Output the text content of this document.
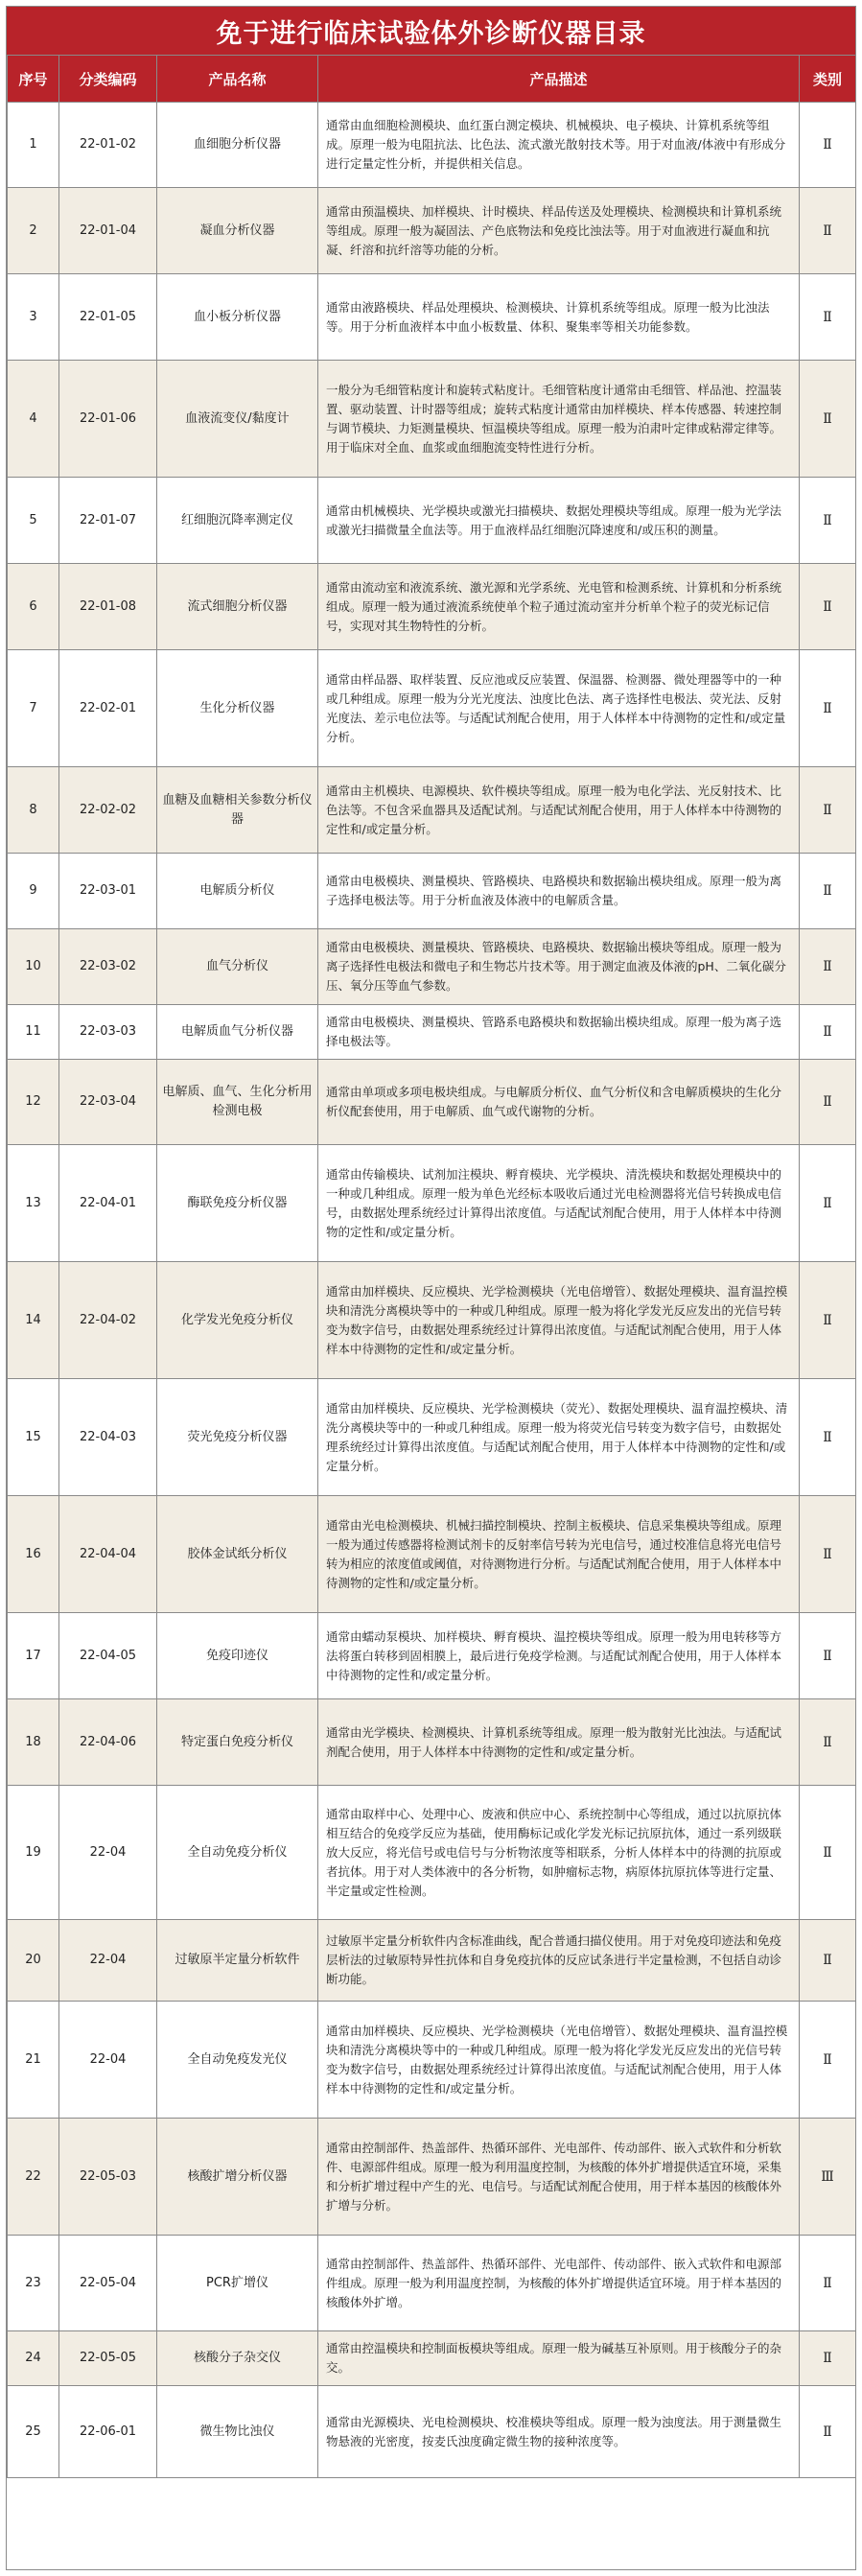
免于进行临床试验体外诊断仪器目录
序号	分类编码	产品名称	产品描述	类别
1	22-01-02	血细胞分析仪器	通常由血细胞检测模块、血红蛋白测定模块、机械模块、电子模块、计算机系统等组成。原理一般为电阻抗法、比色法、流式激光散射技术等。用于对血液/体液中有形成分进行定量定性分析，并提供相关信息。	Ⅱ
2	22-01-04	凝血分析仪器	通常由预温模块、加样模块、计时模块、样品传送及处理模块、检测模块和计算机系统等组成。原理一般为凝固法、产色底物法和免疫比浊法等。用于对血液进行凝血和抗凝、纤溶和抗纤溶等功能的分析。	Ⅱ
3	22-01-05	血小板分析仪器	通常由液路模块、样品处理模块、检测模块、计算机系统等组成。原理一般为比浊法等。用于分析血液样本中血小板数量、体积、聚集率等相关功能参数。	Ⅱ
4	22-01-06	血液流变仪/黏度计	一般分为毛细管粘度计和旋转式粘度计。毛细管粘度计通常由毛细管、样品池、控温装置、驱动装置、计时器等组成；旋转式粘度计通常由加样模块、样本传感器、转速控制与调节模块、力矩测量模块、恒温模块等组成。原理一般为泊肃叶定律或粘滞定律等。用于临床对全血、血浆或血细胞流变特性进行分析。	Ⅱ
5	22-01-07	红细胞沉降率测定仪	通常由机械模块、光学模块或激光扫描模块、数据处理模块等组成。原理一般为光学法或激光扫描微量全血法等。用于血液样品红细胞沉降速度和/或压积的测量。	Ⅱ
6	22-01-08	流式细胞分析仪器	通常由流动室和液流系统、激光源和光学系统、光电管和检测系统、计算机和分析系统组成。原理一般为通过液流系统使单个粒子通过流动室并分析单个粒子的荧光标记信号，实现对其生物特性的分析。	Ⅱ
7	22-02-01	生化分析仪器	通常由样品器、取样装置、反应池或反应装置、保温器、检测器、微处理器等中的一种或几种组成。原理一般为分光光度法、浊度比色法、离子选择性电极法、荧光法、反射光度法、差示电位法等。与适配试剂配合使用，用于人体样本中待测物的定性和/或定量分析。	Ⅱ
8	22-02-02	血糖及血糖相关参数分析仪器	通常由主机模块、电源模块、软件模块等组成。原理一般为电化学法、光反射技术、比色法等。不包含采血器具及适配试剂。与适配试剂配合使用，用于人体样本中待测物的定性和/或定量分析。	Ⅱ
9	22-03-01	电解质分析仪	通常由电极模块、测量模块、管路模块、电路模块和数据输出模块组成。原理一般为离子选择电极法等。用于分析血液及体液中的电解质含量。	Ⅱ
10	22-03-02	血气分析仪	通常由电极模块、测量模块、管路模块、电路模块、数据输出模块等组成。原理一般为离子选择性电极法和微电子和生物芯片技术等。用于测定血液及体液的pH、二氧化碳分压、氧分压等血气参数。	Ⅱ
11	22-03-03	电解质血气分析仪器	通常由电极模块、测量模块、管路系电路模块和数据输出模块组成。原理一般为离子选择电极法等。	Ⅱ
12	22-03-04	电解质、血气、生化分析用检测电极	通常由单项或多项电极块组成。与电解质分析仪、血气分析仪和含电解质模块的生化分析仪配套使用，用于电解质、血气或代谢物的分析。	Ⅱ
13	22-04-01	酶联免疫分析仪器	通常由传输模块、试剂加注模块、孵育模块、光学模块、清洗模块和数据处理模块中的一种或几种组成。原理一般为单色光经标本吸收后通过光电检测器将光信号转换成电信号，由数据处理系统经过计算得出浓度值。与适配试剂配合使用，用于人体样本中待测物的定性和/或定量分析。	Ⅱ
14	22-04-02	化学发光免疫分析仪	通常由加样模块、反应模块、光学检测模块（光电倍增管）、数据处理模块、温育温控模块和清洗分离模块等中的一种或几种组成。原理一般为将化学发光反应发出的光信号转变为数字信号，由数据处理系统经过计算得出浓度值。与适配试剂配合使用，用于人体样本中待测物的定性和/或定量分析。	Ⅱ
15	22-04-03	荧光免疫分析仪器	通常由加样模块、反应模块、光学检测模块（荧光）、数据处理模块、温育温控模块、清洗分离模块等中的一种或几种组成。原理一般为将荧光信号转变为数字信号，由数据处理系统经过计算得出浓度值。与适配试剂配合使用，用于人体样本中待测物的定性和/或定量分析。	Ⅱ
16	22-04-04	胶体金试纸分析仪	通常由光电检测模块、机械扫描控制模块、控制主板模块、信息采集模块等组成。原理一般为通过传感器将检测试剂卡的反射率信号转为光电信号，通过校准信息将光电信号转为相应的浓度值或阈值，对待测物进行分析。与适配试剂配合使用，用于人体样本中待测物的定性和/或定量分析。	Ⅱ
17	22-04-05	免疫印迹仪	通常由蠕动泵模块、加样模块、孵育模块、温控模块等组成。原理一般为用电转移等方法将蛋白转移到固相膜上，最后进行免疫学检测。与适配试剂配合使用，用于人体样本中待测物的定性和/或定量分析。	Ⅱ
18	22-04-06	特定蛋白免疫分析仪	通常由光学模块、检测模块、计算机系统等组成。原理一般为散射光比浊法。与适配试剂配合使用，用于人体样本中待测物的定性和/或定量分析。	Ⅱ
19	22-04	全自动免疫分析仪	通常由取样中心、处理中心、废液和供应中心、系统控制中心等组成，通过以抗原抗体相互结合的免疫学反应为基础，使用酶标记或化学发光标记抗原抗体，通过一系列级联放大反应，将光信号或电信号与分析物浓度等相联系，分析人体样本中的待测的抗原或者抗体。用于对人类体液中的各分析物，如肿瘤标志物，病原体抗原抗体等进行定量、半定量或定性检测。	Ⅱ
20	22-04	过敏原半定量分析软件	过敏原半定量分析软件内含标准曲线，配合普通扫描仪使用。用于对免疫印迹法和免疫层析法的过敏原特异性抗体和自身免疫抗体的反应试条进行半定量检测，不包括自动诊断功能。	Ⅱ
21	22-04	全自动免疫发光仪	通常由加样模块、反应模块、光学检测模块（光电倍增管）、数据处理模块、温育温控模块和清洗分离模块等中的一种或几种组成。原理一般为将化学发光反应发出的光信号转变为数字信号，由数据处理系统经过计算得出浓度值。与适配试剂配合使用，用于人体样本中待测物的定性和/或定量分析。	Ⅱ
22	22-05-03	核酸扩增分析仪器	通常由控制部件、热盖部件、热循环部件、光电部件、传动部件、嵌入式软件和分析软件、电源部件组成。原理一般为利用温度控制，为核酸的体外扩增提供适宜环境，采集和分析扩增过程中产生的光、电信号。与适配试剂配合使用，用于样本基因的核酸体外扩增与分析。	Ⅲ
23	22-05-04	PCR扩增仪	通常由控制部件、热盖部件、热循环部件、光电部件、传动部件、嵌入式软件和电源部件组成。原理一般为利用温度控制，为核酸的体外扩增提供适宜环境。用于样本基因的核酸体外扩增。	Ⅱ
24	22-05-05	核酸分子杂交仪	通常由控温模块和控制面板模块等组成。原理一般为碱基互补原则。用于核酸分子的杂交。	Ⅱ
25	22-06-01	微生物比浊仪	通常由光源模块、光电检测模块、校准模块等组成。原理一般为浊度法。用于测量微生物悬液的光密度，按麦氏浊度确定微生物的接种浓度等。	Ⅱ
